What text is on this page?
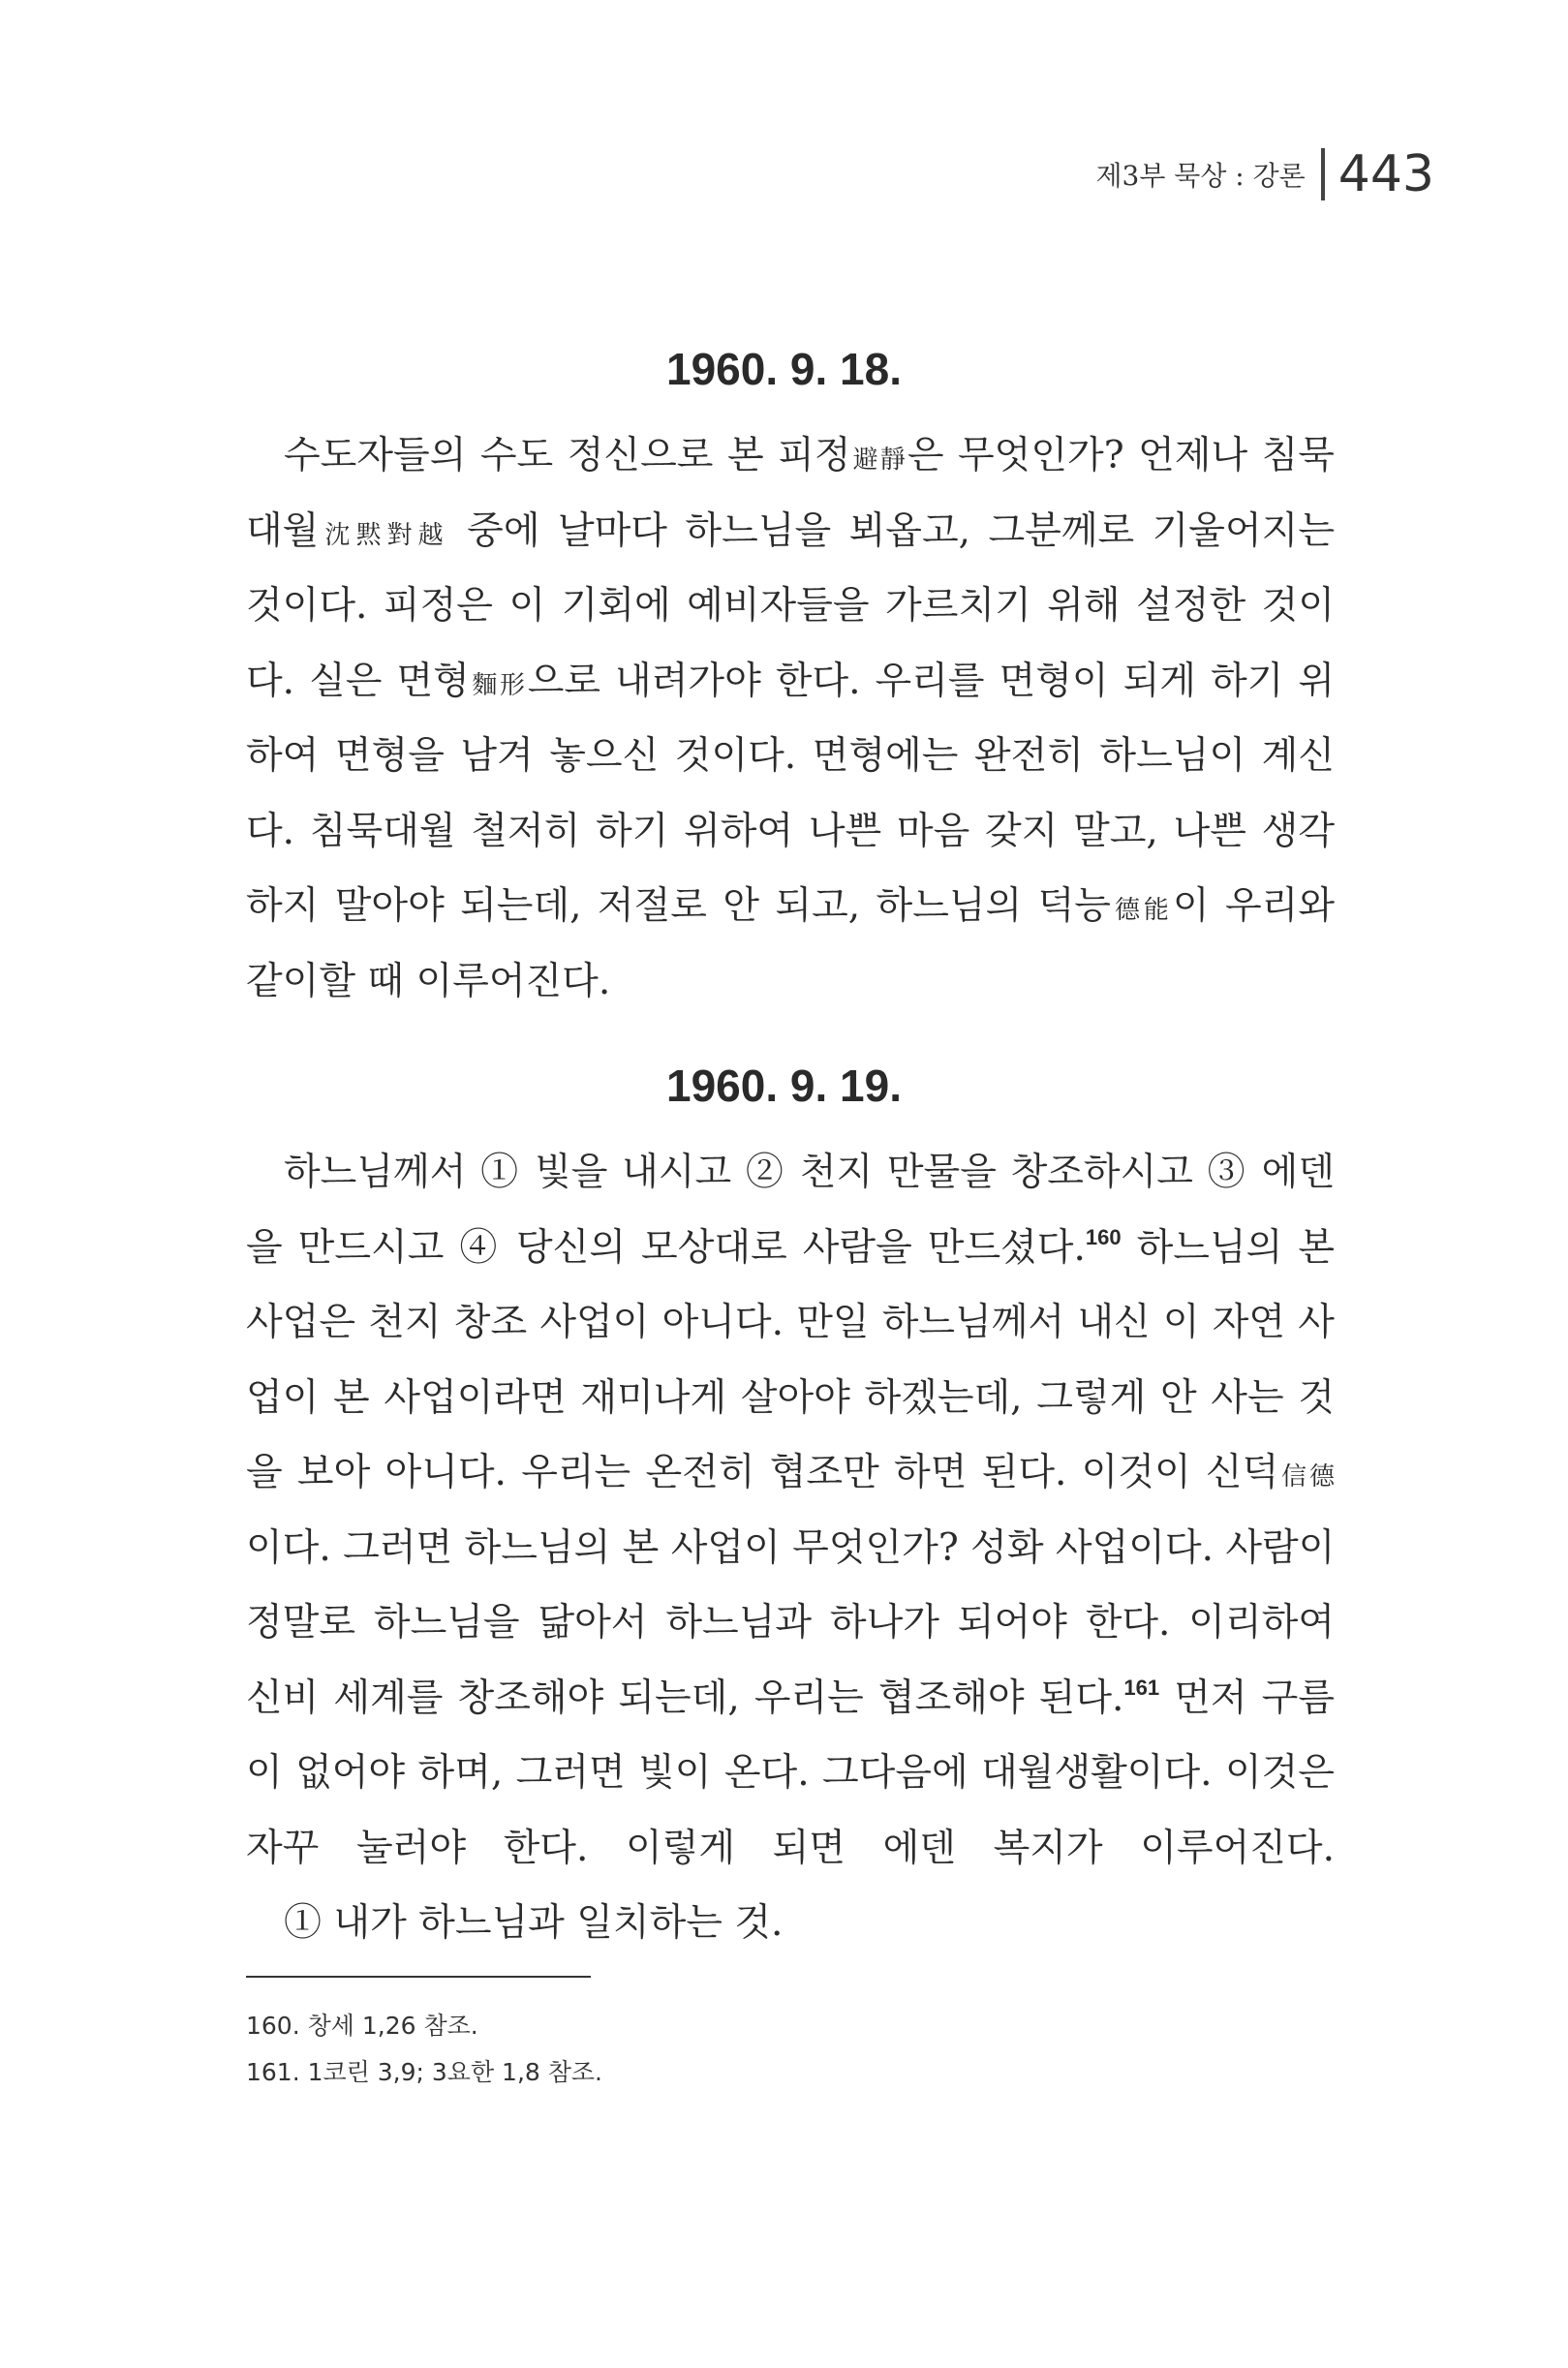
제3부 묵상 : 강론 443
1960. 9. 18.
수도자들의 수도 정신으로 본 피정避靜은 무엇인가? 언제나 침묵
대월沈黙對越 중에 날마다 하느님을 뵈옵고, 그분께로 기울어지는
것이다. 피정은 이 기회에 예비자들을 가르치기 위해 설정한 것이
다. 실은 면형麵形으로 내려가야 한다. 우리를 면형이 되게 하기 위
하여 면형을 남겨 놓으신 것이다. 면형에는 완전히 하느님이 계신
다. 침묵대월 철저히 하기 위하여 나쁜 마음 갖지 말고, 나쁜 생각
하지 말아야 되는데, 저절로 안 되고, 하느님의 덕능德能이 우리와
같이할 때 이루어진다.
1960. 9. 19.
하느님께서 ① 빛을 내시고 ② 천지 만물을 창조하시고 ③ 에덴
을 만드시고 ④ 당신의 모상대로 사람을 만드셨다.$^{160}$ 하느님의 본
사업은 천지 창조 사업이 아니다. 만일 하느님께서 내신 이 자연 사
업이 본 사업이라면 재미나게 살아야 하겠는데, 그렇게 안 사는 것
을 보아 아니다. 우리는 온전히 협조만 하면 된다. 이것이 신덕信德
이다. 그러면 하느님의 본 사업이 무엇인가? 성화 사업이다. 사람이
정말로 하느님을 닮아서 하느님과 하나가 되어야 한다. 이리하여
신비 세계를 창조해야 되는데, 우리는 협조해야 된다.$^{161}$ 먼저 구름
이 없어야 하며, 그러면 빛이 온다. 그다음에 대월생활이다. 이것은
자꾸 눌러야 한다. 이렇게 되면 에덴 복지가 이루어진다.
① 내가 하느님과 일치하는 것.
160. 창세 1,26 참조.
161. 1코린 3,9; 3요한 1,8 참조.
